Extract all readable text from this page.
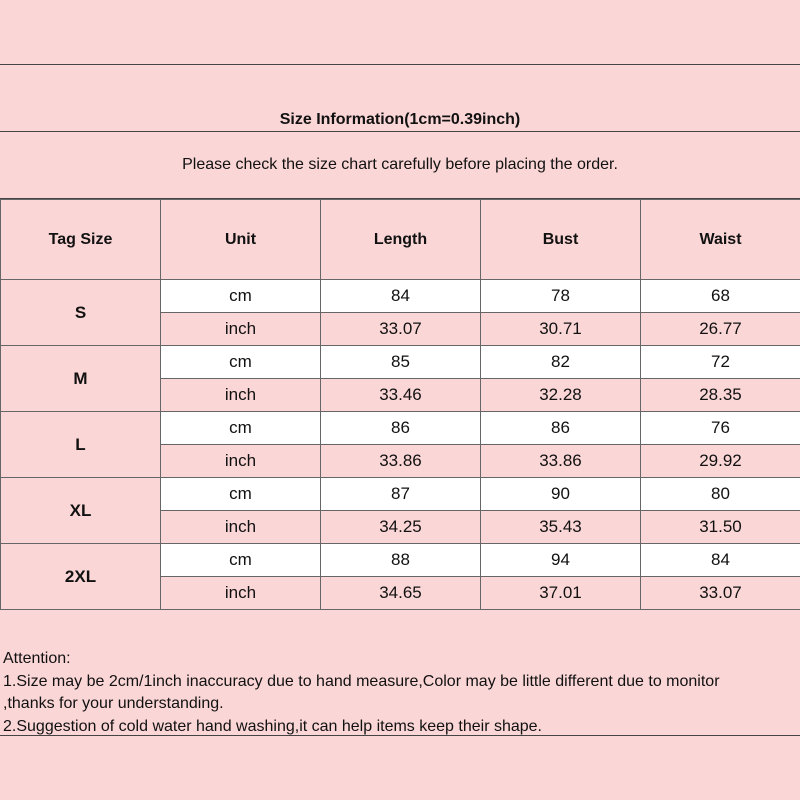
Size Information(1cm=0.39inch)
Please check the size chart carefully before placing the order.
Tag Size	Unit	Length	Bust	Waist
S	cm	84	78	68
	inch	33.07	30.71	26.77
M	cm	85	82	72
	inch	33.46	32.28	28.35
L	cm	86	86	76
	inch	33.86	33.86	29.92
XL	cm	87	90	80
	inch	34.25	35.43	31.50
2XL	cm	88	94	84
	inch	34.65	37.01	33.07
Attention:
1.Size may be 2cm/1inch inaccuracy due to hand measure,Color may be little different due to monitor
,thanks for your understanding.
2.Suggestion of cold water hand washing,it can help items keep their shape.
